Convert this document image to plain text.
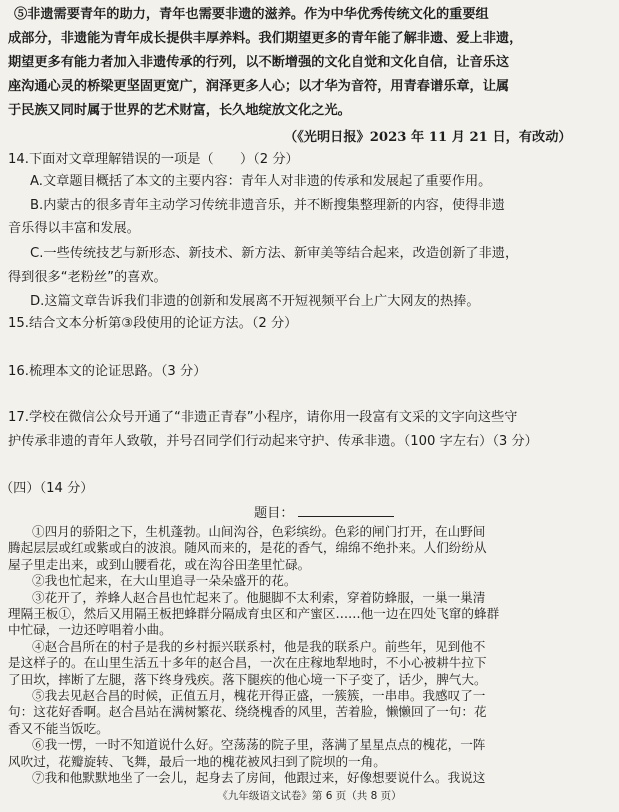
⑤非遗需要青年的助力，青年也需要非遗的滋养。作为中华优秀传统文化的重要组
成部分，非遗能为青年成长提供丰厚养料。我们期望更多的青年能了解非遗、爱上非遗，
期望更多有能力者加入非遗传承的行列，以不断增强的文化自觉和文化自信，让音乐这
座沟通心灵的桥梁更坚固更宽广，润泽更多人心；以才华为音符，用青春谱乐章，让属
于民族又同时属于世界的艺术财富，长久地绽放文化之光。
（《光明日报》2023 年 11 月 21 日，有改动）
14.下面对文章理解错误的一项是（　　）（2 分）
A.文章题目概括了本文的主要内容：青年人对非遗的传承和发展起了重要作用。
B.内蒙古的很多青年主动学习传统非遗音乐，并不断搜集整理新的内容，使得非遗
音乐得以丰富和发展。
C.一些传统技艺与新形态、新技术、新方法、新审美等结合起来，改造创新了非遗，
得到很多“老粉丝”的喜欢。
D.这篇文章告诉我们非遗的创新和发展离不开短视频平台上广大网友的热捧。
15.结合文本分析第③段使用的论证方法。（2 分）
16.梳理本文的论证思路。（3 分）
17.学校在微信公众号开通了“非遗正青春”小程序，请你用一段富有文采的文字向这些守
护传承非遗的青年人致敬，并号召同学们行动起来守护、传承非遗。（100 字左右）（3 分）
（四）（14 分）
题目：
①四月的骄阳之下，生机蓬勃。山间沟谷，色彩缤纷。色彩的闸门打开，在山野间
腾起层层或红或紫或白的波浪。随风而来的，是花的香气，绵绵不绝扑来。人们纷纷从
屋子里走出来，或到山腰看花，或在沟谷田垄里忙碌。
②我也忙起来，在大山里追寻一朵朵盛开的花。
③花开了，养蜂人赵合昌也忙起来了。他腿脚不太利索，穿着防蜂服，一巢一巢清
理隔王板①，然后又用隔王板把蜂群分隔成育虫区和产蜜区……他一边在四处飞窜的蜂群
中忙碌，一边还哼唱着小曲。
④赵合昌所在的村子是我的乡村振兴联系村，他是我的联系户。前些年，见到他不
是这样子的。在山里生活五十多年的赵合昌，一次在庄稼地犁地时，不小心被耕牛拉下
了田坎，摔断了左腿，落下终身残疾。落下腿疾的他心境一下子变了，话少，脾气大。
⑤我去见赵合昌的时候，正值五月，槐花开得正盛，一簇簇，一串串。我感叹了一
句：这花好香啊。赵合昌站在满树繁花、绕绕槐香的风里，苦着脸，懒懒回了一句：花
香又不能当饭吃。
⑥我一愣，一时不知道说什么好。空荡荡的院子里，落满了星星点点的槐花，一阵
风吹过，花瓣旋转、飞舞，最后一地的槐花被风扫到了院坝的一角。
⑦我和他默默地坐了一会儿，起身去了房间，他跟过来，好像想要说什么。我说这
《九年级语文试卷》第 6 页（共 8 页）
